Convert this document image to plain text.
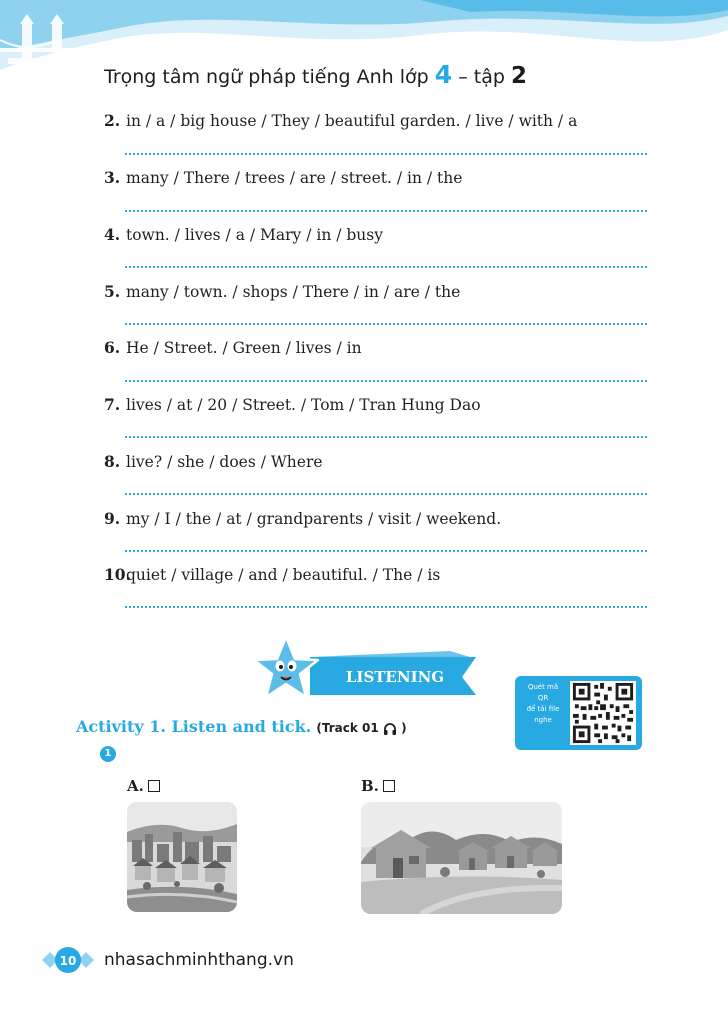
Trọng tâm ngữ pháp tiếng Anh lớp 4 – tập 2
2. in / a / big house / They / beautiful garden. / live / with / a
3. many / There / trees / are / street. / in / the
4. town. / lives / a / Mary / in / busy
5. many / town. / shops / There / in / are / the
6. He / Street. / Green / lives / in
7. lives / at / 20 / Street. / Tom / Tran Hung Dao
8. live? / she / does / Where
9. my / I / the / at / grandparents / visit / weekend.
10.quiet / village / and / beautiful. / The / is
LISTENING
Quét mã
QR
để tải file
nghe
Activity 1. Listen and tick. (Track 01 )
1
A.	B.
10 nhasachminhthang.vn
